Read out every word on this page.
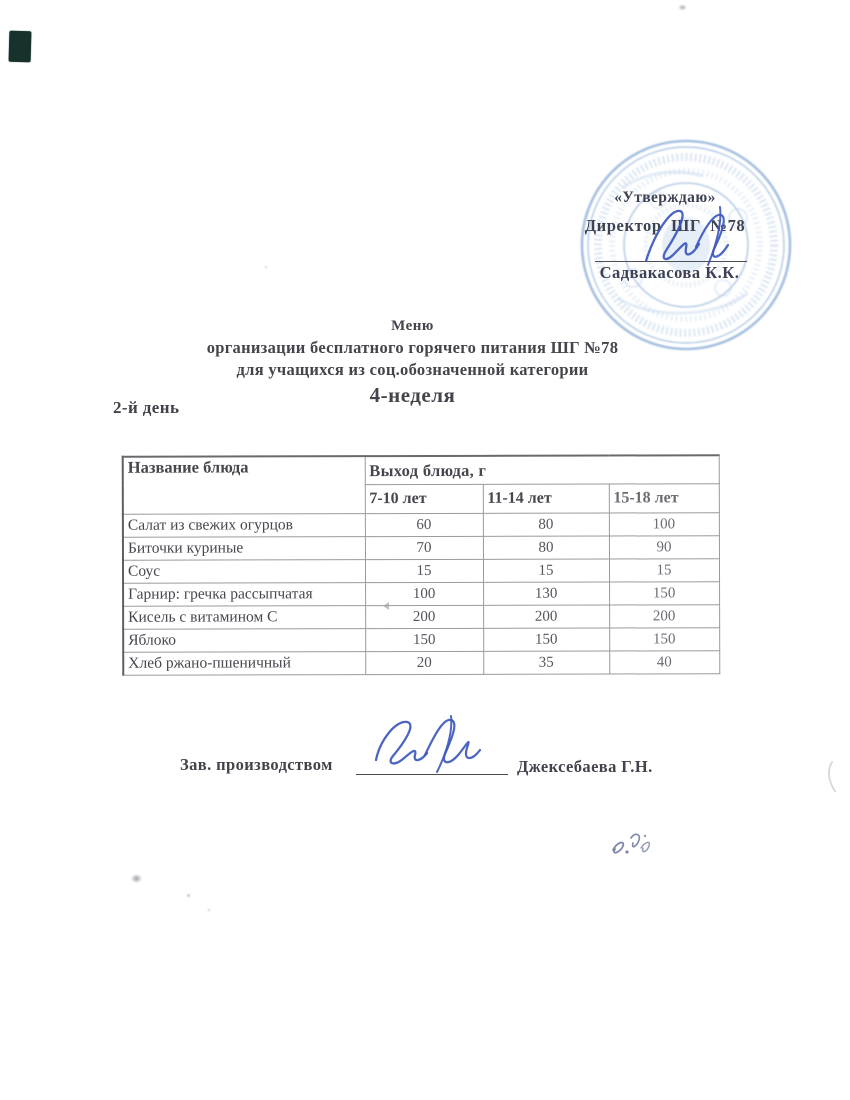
«Утверждаю»
Директор  ШГ  №78
Садвакасова К.К.
Меню
организации бесплатного горячего питания ШГ №78
для учащихся из соц.обозначенной категории
4-неделя
2-й день
Название блюда	Выход блюда, г		
	7-10 лет	11-14 лет	15-18 лет
Салат из свежих огурцов	60	80	100
Биточки куриные	70	80	90
Соус	15	15	15
Гарнир: гречка рассыпчатая	100	130	150
Кисель с витамином С	200	200	200
Яблоко	150	150	150
Хлеб ржано-пшеничный	20	35	40
Зав. производством	Джексебаева Г.Н.
